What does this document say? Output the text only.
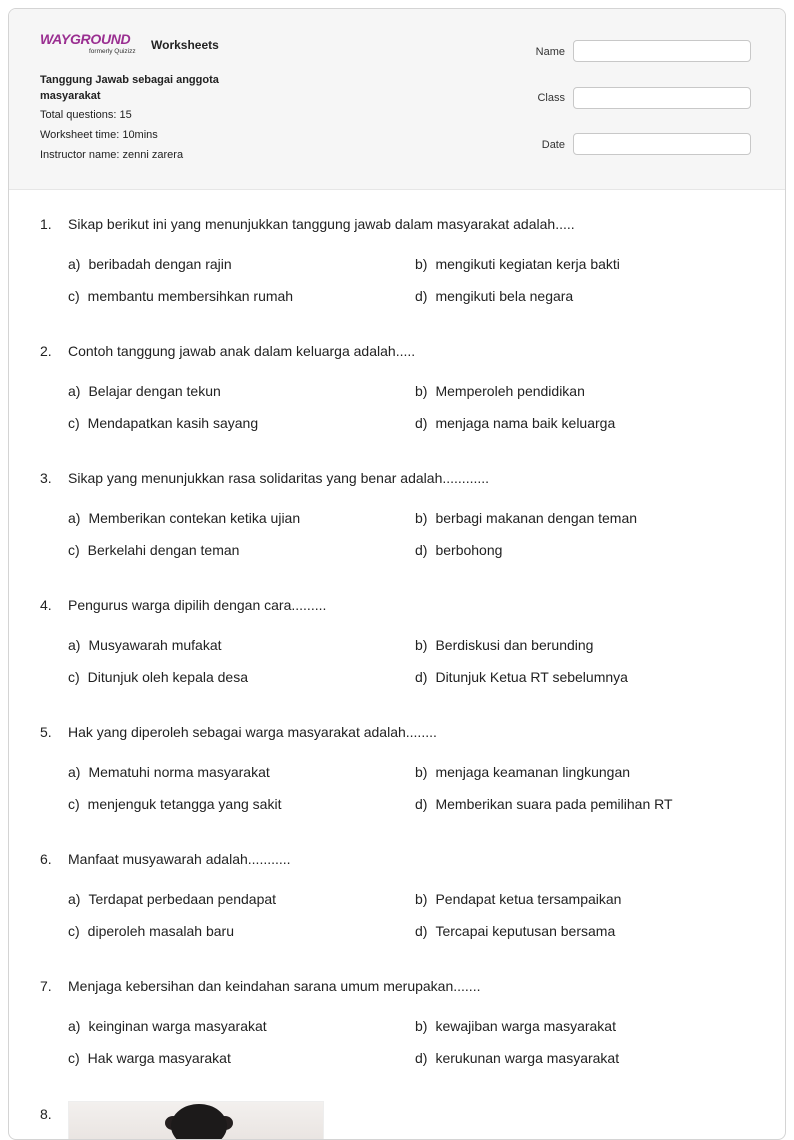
WAYGROUND
formerly Quizizz Worksheets
Tanggung Jawab sebagai anggota masyarakat
Total questions: 15
Worksheet time: 10mins
Instructor name: zenni zarera
Name
Class
Date
1. Sikap berikut ini yang menunjukkan tanggung jawab dalam masyarakat adalah.....
a) beribadah dengan rajin	b) mengikuti kegiatan kerja bakti
c) membantu membersihkan rumah	d) mengikuti bela negara
2. Contoh tanggung jawab anak dalam keluarga adalah.....
a) Belajar dengan tekun	b) Memperoleh pendidikan
c) Mendapatkan kasih sayang	d) menjaga nama baik keluarga
3. Sikap yang menunjukkan rasa solidaritas yang benar adalah............
a) Memberikan contekan ketika ujian	b) berbagi makanan dengan teman
c) Berkelahi dengan teman	d) berbohong
4. Pengurus warga dipilih dengan cara.........
a) Musyawarah mufakat	b) Berdiskusi dan berunding
c) Ditunjuk oleh kepala desa	d) Ditunjuk Ketua RT sebelumnya
5. Hak yang diperoleh sebagai warga masyarakat adalah........
a) Mematuhi norma masyarakat	b) menjaga keamanan lingkungan
c) menjenguk tetangga yang sakit	d) Memberikan suara pada pemilihan RT
6. Manfaat musyawarah adalah...........
a) Terdapat perbedaan pendapat	b) Pendapat ketua tersampaikan
c) diperoleh masalah baru	d) Tercapai keputusan bersama
7. Menjaga kebersihan dan keindahan sarana umum merupakan.......
a) keinginan warga masyarakat	b) kewajiban warga masyarakat
c) Hak warga masyarakat	d) kerukunan warga masyarakat
8.
